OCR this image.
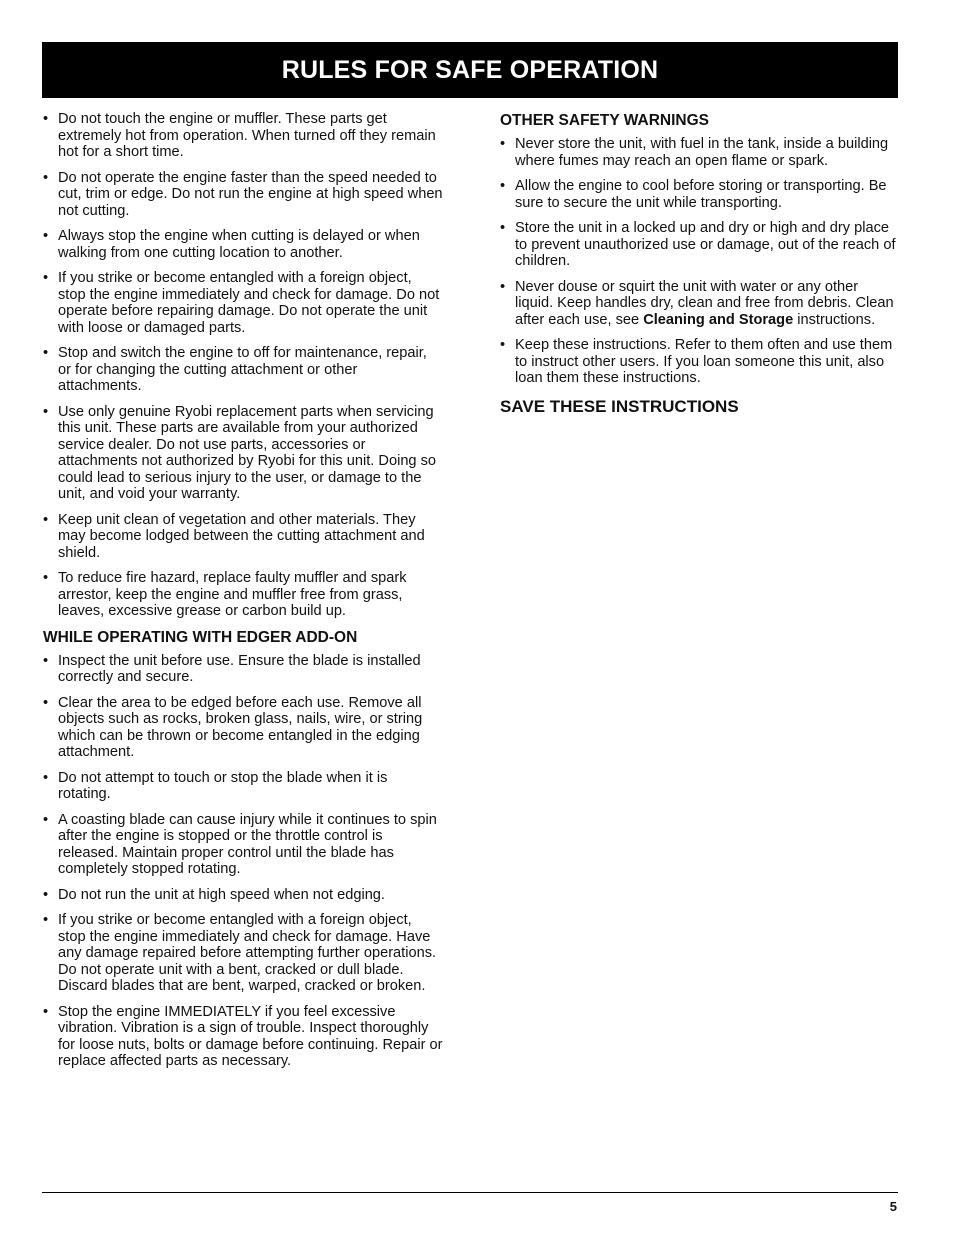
RULES FOR SAFE OPERATION
• Do not touch the engine or muffler. These parts get extremely hot from operation. When turned off they remain hot for a short time.
• Do not operate the engine faster than the speed needed to cut, trim or edge. Do not run the engine at high speed when not cutting.
• Always stop the engine when cutting is delayed or when walking from one cutting location to another.
• If you strike or become entangled with a foreign object, stop the engine immediately and check for damage. Do not operate before repairing damage. Do not operate the unit with loose or damaged parts.
• Stop and switch the engine to off for maintenance, repair, or for changing the cutting attachment or other attachments.
• Use only genuine Ryobi replacement parts when servicing this unit. These parts are available from your authorized service dealer. Do not use parts, accessories or attachments not authorized by Ryobi for this unit. Doing so could lead to serious injury to the user, or damage to the unit, and void your warranty.
• Keep unit clean of vegetation and other materials. They may become lodged between the cutting attachment and shield.
• To reduce fire hazard, replace faulty muffler and spark arrestor, keep the engine and muffler free from grass, leaves, excessive grease or carbon build up.
WHILE OPERATING WITH EDGER ADD-ON
• Inspect the unit before use. Ensure the blade is installed correctly and secure.
• Clear the area to be edged before each use. Remove all objects such as rocks, broken glass, nails, wire, or string which can be thrown or become entangled in the edging attachment.
• Do not attempt to touch or stop the blade when it is rotating.
• A coasting blade can cause injury while it continues to spin after the engine is stopped or the throttle control is released. Maintain proper control until the blade has completely stopped rotating.
• Do not run the unit at high speed when not edging.
• If you strike or become entangled with a foreign object, stop the engine immediately and check for damage. Have any damage repaired before attempting further operations. Do not operate unit with a bent, cracked or dull blade. Discard blades that are bent, warped, cracked or broken.
• Stop the engine IMMEDIATELY if you feel excessive vibration. Vibration is a sign of trouble. Inspect thoroughly for loose nuts, bolts or damage before continuing. Repair or replace affected parts as necessary.
OTHER SAFETY WARNINGS
• Never store the unit, with fuel in the tank, inside a building where fumes may reach an open flame or spark.
• Allow the engine to cool before storing or transporting. Be sure to secure the unit while transporting.
• Store the unit in a locked up and dry or high and dry place to prevent unauthorized use or damage, out of the reach of children.
• Never douse or squirt the unit with water or any other liquid. Keep handles dry, clean and free from debris. Clean after each use, see Cleaning and Storage instructions.
• Keep these instructions. Refer to them often and use them to instruct other users. If you loan someone this unit, also loan them these instructions.
SAVE THESE INSTRUCTIONS
5
